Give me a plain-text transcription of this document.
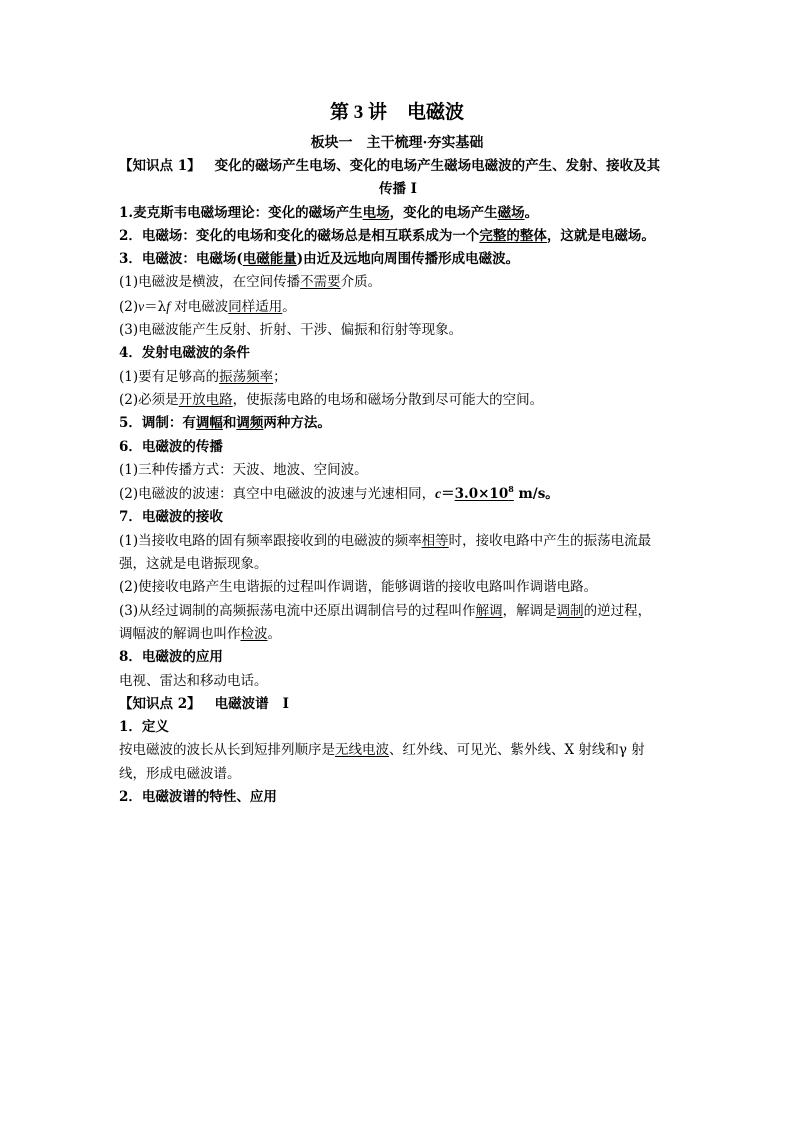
第 3 讲 电磁波
板块一　主干梳理·夯实基础
【知识点 1】 变化的磁场产生电场、变化的电场产生磁场电磁波的产生、发射、接收及其
传播 Ⅰ
1.麦克斯韦电磁场理论：变化的磁场产生电场，变化的电场产生磁场。
2．电磁场：变化的电场和变化的磁场总是相互联系成为一个完整的整体，这就是电磁场。
3．电磁波：电磁场(电磁能量)由近及远地向周围传播形成电磁波。
(1)电磁波是横波，在空间传播不需要介质。
(2)v＝λf 对电磁波同样适用。
(3)电磁波能产生反射、折射、干涉、偏振和衍射等现象。
4．发射电磁波的条件
(1)要有足够高的振荡频率；
(2)必须是开放电路，使振荡电路的电场和磁场分散到尽可能大的空间。
5．调制：有调幅和调频两种方法。
6．电磁波的传播
(1)三种传播方式：天波、地波、空间波。
(2)电磁波的波速：真空中电磁波的波速与光速相同，$c=3.0\times 10^8$ m/s。
7．电磁波的接收
(1)当接收电路的固有频率跟接收到的电磁波的频率相等时，接收电路中产生的振荡电流最
强，这就是电谐振现象。
(2)使接收电路产生电谐振的过程叫作调谐，能够调谐的接收电路叫作调谐电路。
(3)从经过调制的高频振荡电流中还原出调制信号的过程叫作解调，解调是调制的逆过程，
调幅波的解调也叫作检波。
8．电磁波的应用
电视、雷达和移动电话。
【知识点 2】 电磁波谱 Ⅰ
1．定义
按电磁波的波长从长到短排列顺序是无线电波、红外线、可见光、紫外线、X 射线和γ 射
线，形成电磁波谱。
2．电磁波谱的特性、应用
